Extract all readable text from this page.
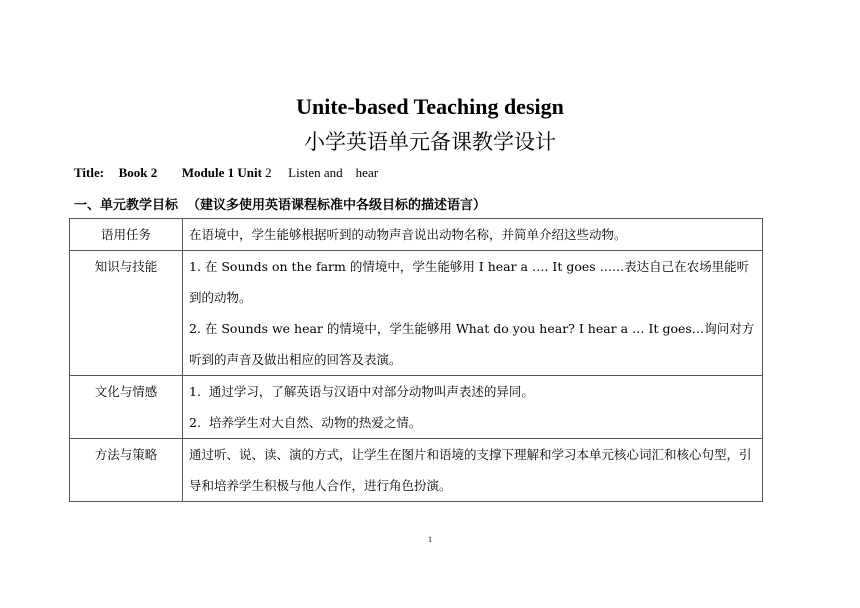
Unite-based Teaching design
小学英语单元备课教学设计
Title: Book 2 Module 1 Unit 2 Listen and    hear
一、单元教学目标  （建议多使用英语课程标准中各级目标的描述语言）
语用任务	在语境中，学生能够根据听到的动物声音说出动物名称，并简单介绍这些动物。

知识与技能	1. 在 Sounds on the farm 的情境中，学生能够用 I hear a …. It goes …...表达自己在农场里能听到的动物。
2. 在 Sounds we hear 的情境中，学生能够用 What do you hear? I hear a … It goes…询问对方听到的声音及做出相应的回答及表演。

文化与情感	1.  通过学习，了解英语与汉语中对部分动物叫声表述的异同。
2.  培养学生对大自然、动物的热爱之情。

方法与策略	通过听、说、读、演的方式，让学生在图片和语境的支撑下理解和学习本单元核心词汇和核心句型，引导和培养学生积极与他人合作，进行角色扮演。
1
